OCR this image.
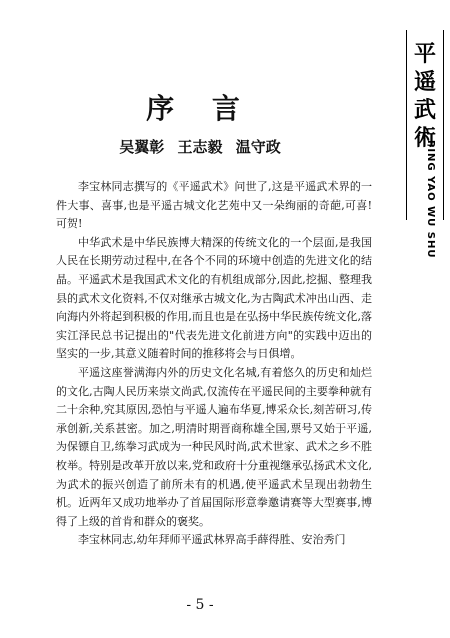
平
遥
武
術
PING YAO WU SHU
序 言
吴翼彰 王志毅 温守政

李宝林同志撰写的《平遥武术》问世了,这是平遥武术界的一件大事、喜事,也是平遥古城文化艺苑中又一朵绚丽的奇葩,可喜!可贺!

中华武术是中华民族博大精深的传统文化的一个层面,是我国人民在长期劳动过程中,在各个不同的环境中创造的先进文化的结晶。平遥武术是我国武术文化的有机组成部分,因此,挖掘、整理我县的武术文化资料,不仅对继承古城文化,为古陶武术冲出山西、走向海内外将起到积极的作用,而且也是在弘扬中华民族传统文化,落实江泽民总书记提出的"代表先进文化前进方向"的实践中迈出的坚实的一步,其意义随着时间的推移将会与日俱增。

平遥这座誉满海内外的历史文化名城,有着悠久的历史和灿烂的文化,古陶人民历来崇文尚武,仅流传在平遥民间的主要拳种就有二十余种,究其原因,恐怕与平遥人遍布华夏,博采众长,刻苦研习,传承创新,关系甚密。加之,明清时期晋商称雄全国,票号又始于平遥,为保镖自卫,练拳习武成为一种民风时尚,武术世家、武术之乡不胜枚举。特别是改革开放以来,党和政府十分重视继承弘扬武术文化,为武术的振兴创造了前所未有的机遇,使平遥武术呈现出勃勃生机。近两年又成功地举办了首届国际形意拳邀请赛等大型赛事,博得了上级的首肯和群众的褒奖。

李宝林同志,幼年拜师平遥武林界高手薛得胜、安治秀门

- 5 -
